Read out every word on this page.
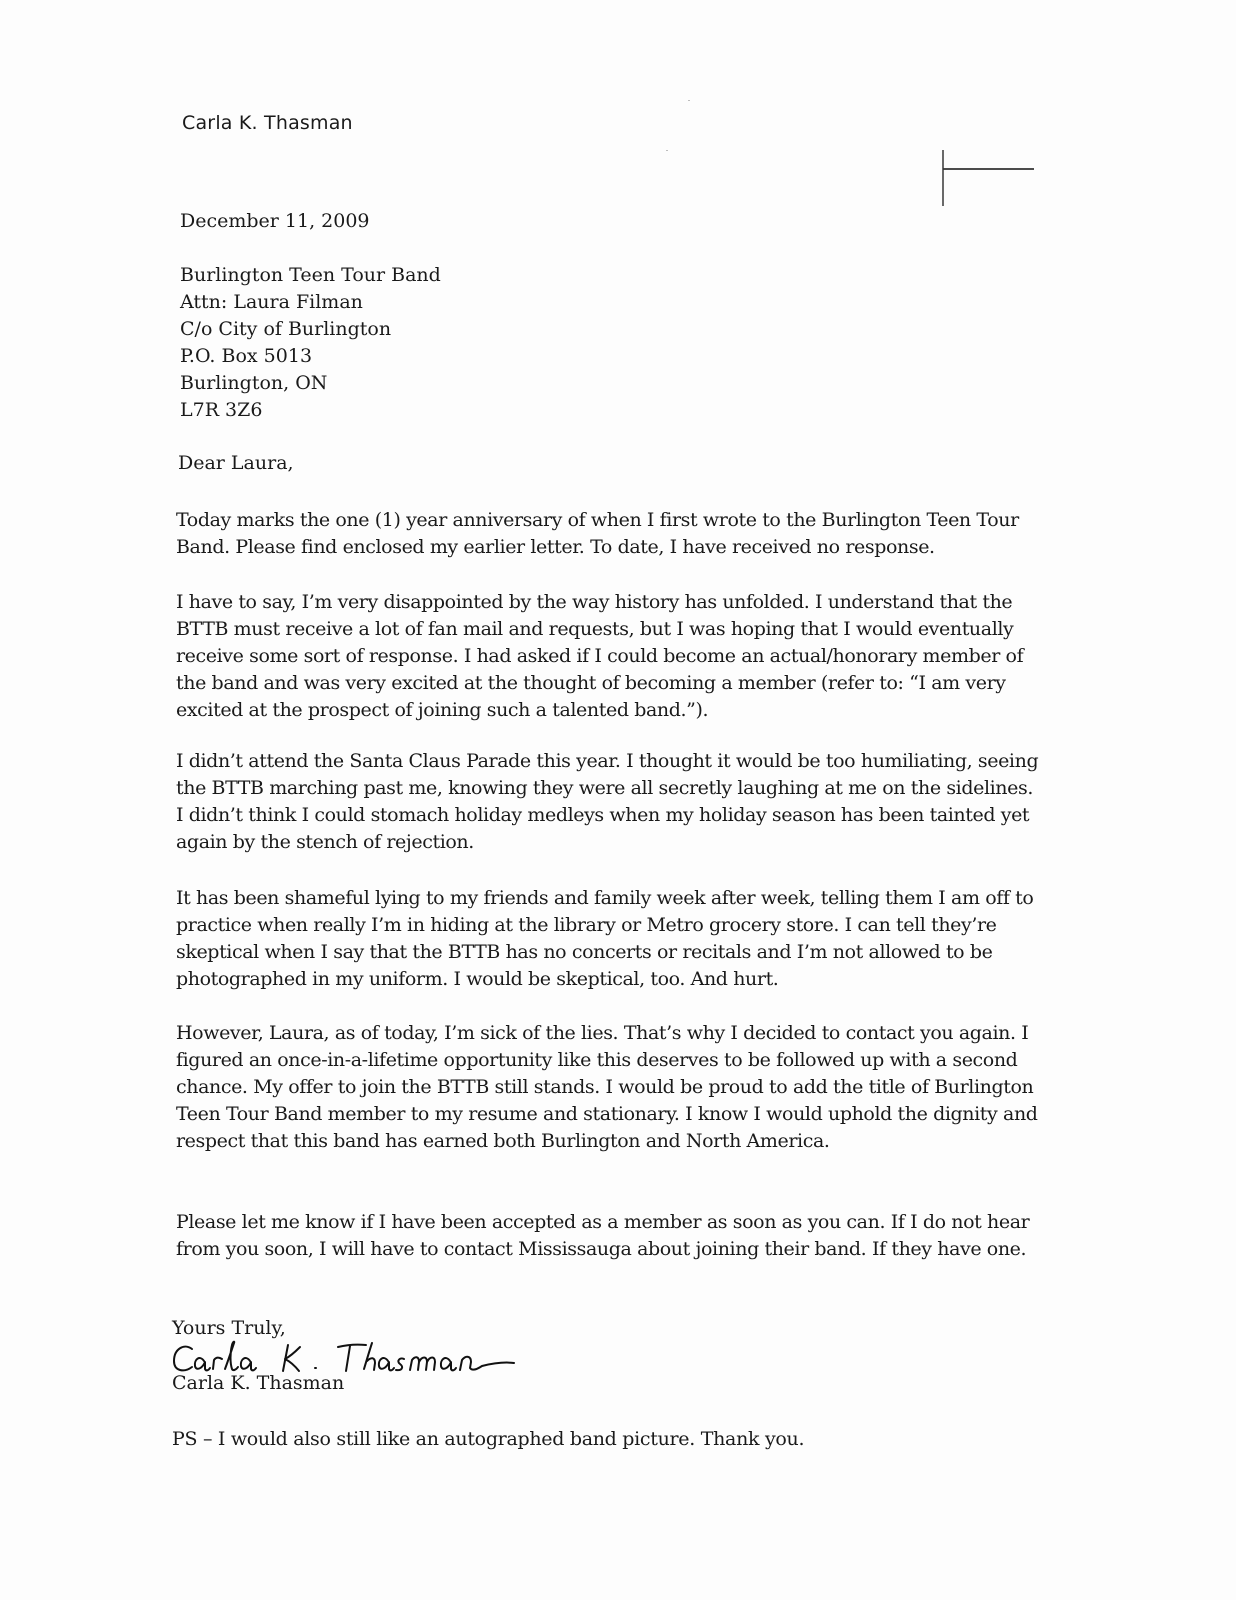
Carla K. Thasman
December 11, 2009
Burlington Teen Tour Band
Attn: Laura Filman
C/o City of Burlington
P.O. Box 5013
Burlington, ON
L7R 3Z6
Dear Laura,

Today marks the one (1) year anniversary of when I first wrote to the Burlington Teen Tour Band. Please find enclosed my earlier letter. To date, I have received no response.

I have to say, I’m very disappointed by the way history has unfolded. I understand that the BTTB must receive a lot of fan mail and requests, but I was hoping that I would eventually receive some sort of response. I had asked if I could become an actual/honorary member of the band and was very excited at the thought of becoming a member (refer to: “I am very excited at the prospect of joining such a talented band.”).

I didn’t attend the Santa Claus Parade this year. I thought it would be too humiliating, seeing the BTTB marching past me, knowing they were all secretly laughing at me on the sidelines. I didn’t think I could stomach holiday medleys when my holiday season has been tainted yet again by the stench of rejection.

It has been shameful lying to my friends and family week after week, telling them I am off to practice when really I’m in hiding at the library or Metro grocery store. I can tell they’re skeptical when I say that the BTTB has no concerts or recitals and I’m not allowed to be photographed in my uniform. I would be skeptical, too. And hurt.

However, Laura, as of today, I’m sick of the lies. That’s why I decided to contact you again. I figured an once-in-a-lifetime opportunity like this deserves to be followed up with a second chance. My offer to join the BTTB still stands. I would be proud to add the title of Burlington Teen Tour Band member to my resume and stationary. I know I would uphold the dignity and respect that this band has earned both Burlington and North America.

Please let me know if I have been accepted as a member as soon as you can. If I do not hear from you soon, I will have to contact Mississauga about joining their band. If they have one.

Yours Truly,
Carla K. Thasman
PS – I would also still like an autographed band picture. Thank you.
